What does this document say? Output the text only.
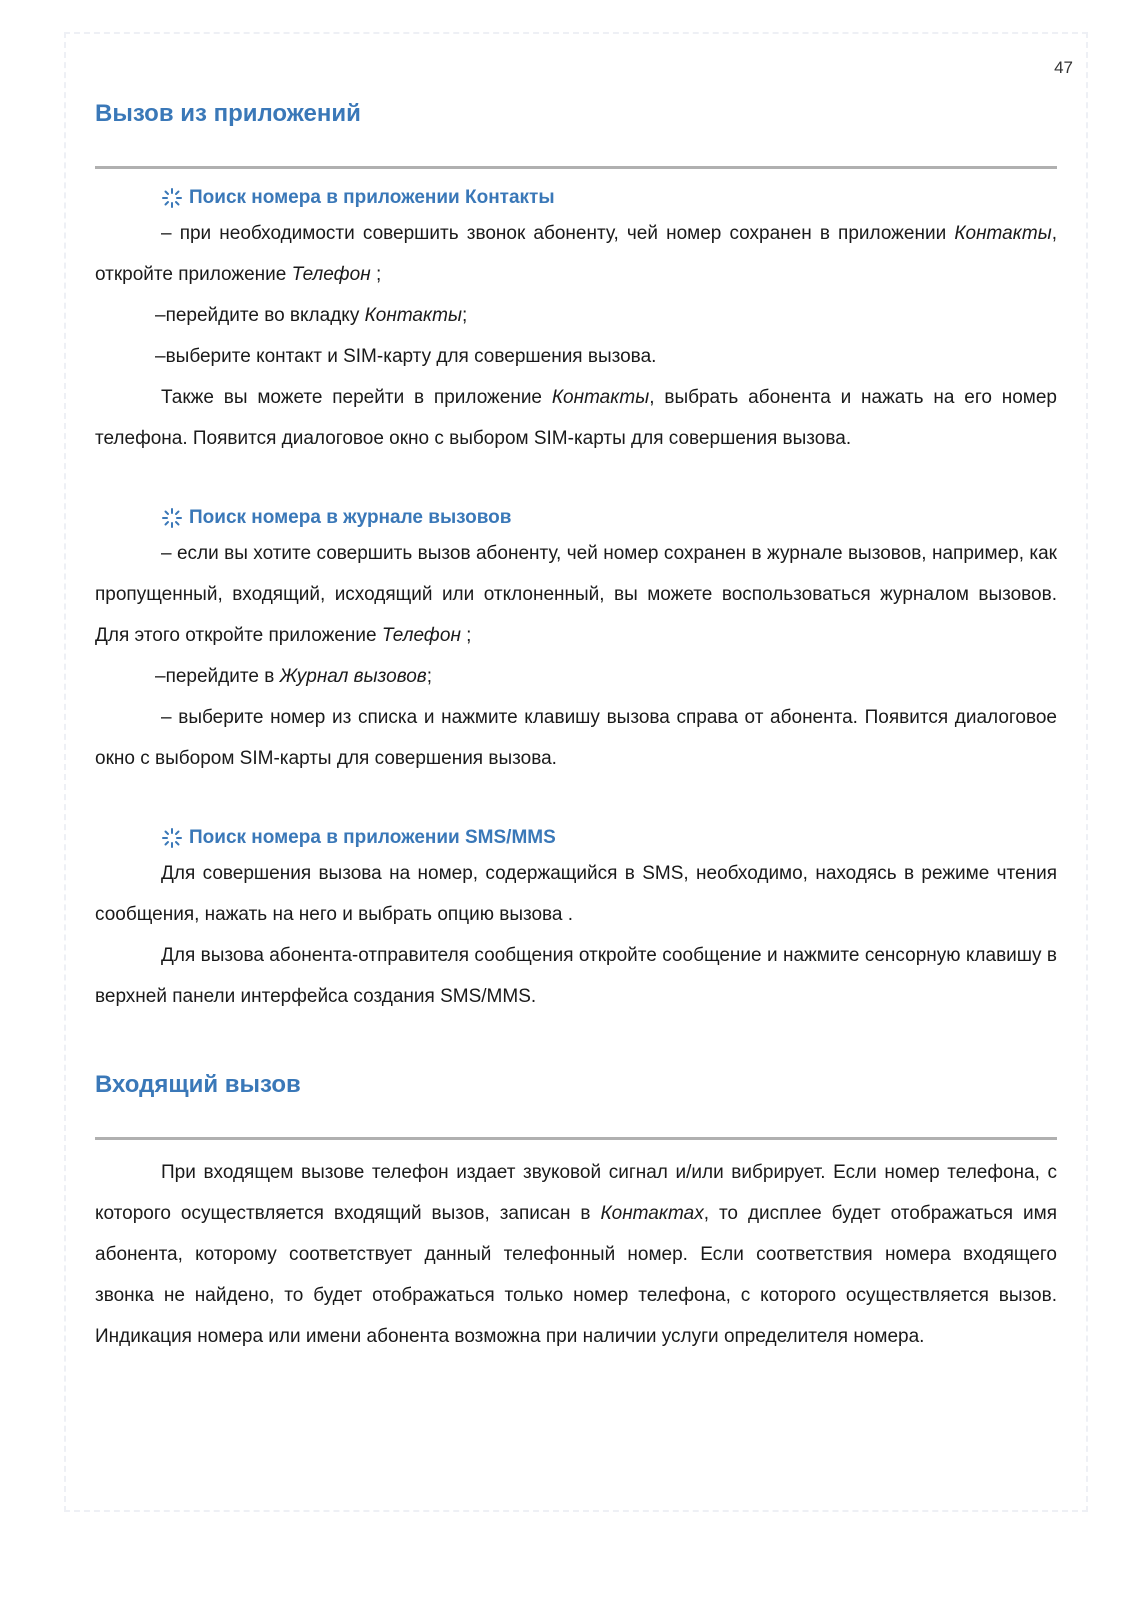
47
Вызов из приложений
Поиск номера в приложении Контакты

– при необходимости совершить звонок абоненту, чей номер сохранен в приложении Контакты, откройте приложение Телефон ;

–перейдите во вкладку Контакты;

–выберите контакт и SIM-карту для совершения вызова.

Также вы можете перейти в приложение Контакты, выбрать абонента и нажать на его номер телефона. Появится диалоговое окно с выбором SIM-карты для совершения вызова.

Поиск номера в журнале вызовов

– если вы хотите совершить вызов абоненту, чей номер сохранен в журнале вызовов, например, как пропущенный, входящий, исходящий или отклоненный, вы можете воспользоваться журналом вызовов. Для этого откройте приложение Телефон ;

–перейдите в Журнал вызовов;

– выберите номер из списка и нажмите клавишу вызова справа от абонента. Появится диалоговое окно с выбором SIM-карты для совершения вызова.

Поиск номера в приложении SMS/MMS

Для совершения вызова на номер, содержащийся в SMS, необходимо, находясь в режиме чтения сообщения, нажать на него и выбрать опцию вызова .

Для вызова абонента-отправителя сообщения откройте сообщение и нажмите сенсорную клавишу в верхней панели интерфейса создания SMS/MMS.

Входящий вызов

При входящем вызове телефон издает звуковой сигнал и/или вибрирует. Если номер телефона, с которого осуществляется входящий вызов, записан в Контактах, то дисплее будет отображаться имя абонента, которому соответствует данный телефонный номер. Если соответствия номера входящего звонка не найдено, то будет отображаться только номер телефона, с которого осуществляется вызов. Индикация номера или имени абонента возможна при наличии услуги определителя номера.
